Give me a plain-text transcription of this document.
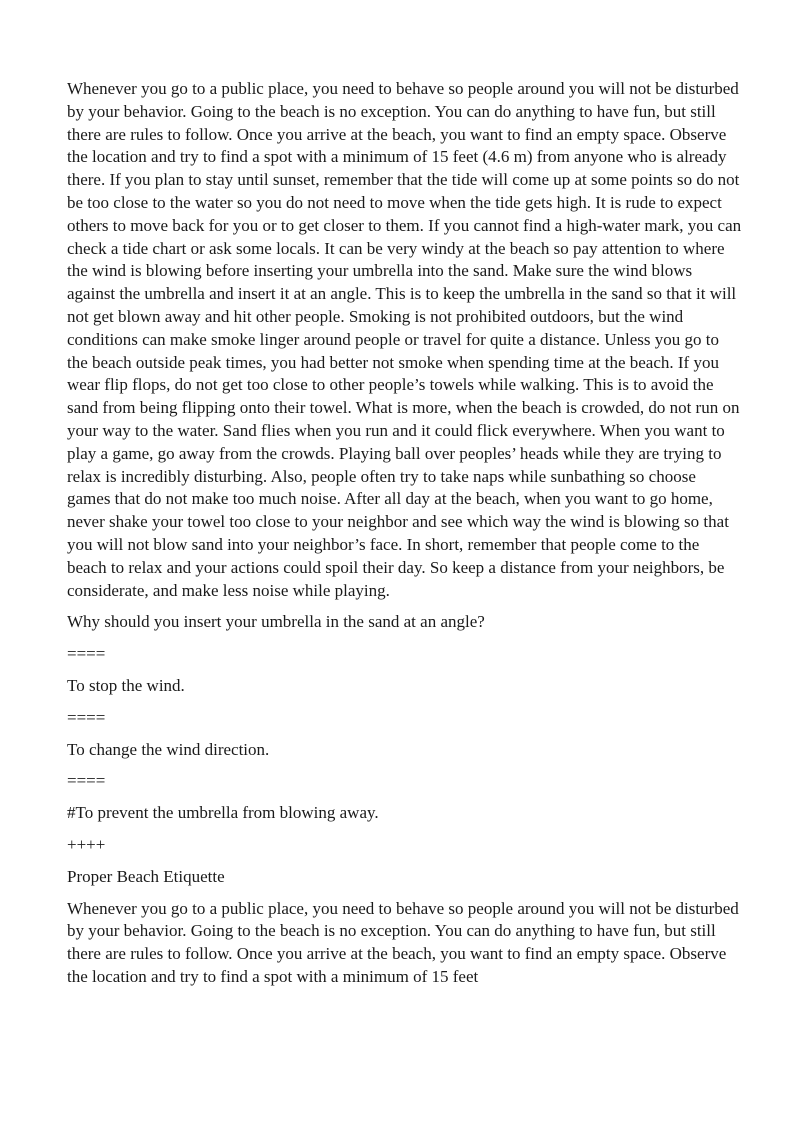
Whenever you go to a public place, you need to behave so people around you will not be disturbed by your behavior. Going to the beach is no exception. You can do anything to have fun, but still there are rules to follow. Once you arrive at the beach, you want to find an empty space. Observe the location and try to find a spot with a minimum of 15 feet (4.6 m) from anyone who is already there. If you plan to stay until sunset, remember that the tide will come up at some points so do not be too close to the water so you do not need to move when the tide gets high. It is rude to expect others to move back for you or to get closer to them. If you cannot find a high-water mark, you can check a tide chart or ask some locals. It can be very windy at the beach so pay attention to where the wind is blowing before inserting your umbrella into the sand. Make sure the wind blows against the umbrella and insert it at an angle. This is to keep the umbrella in the sand so that it will not get blown away and hit other people. Smoking is not prohibited outdoors, but the wind conditions can make smoke linger around people or travel for quite a distance. Unless you go to the beach outside peak times, you had better not smoke when spending time at the beach. If you wear flip flops, do not get too close to other people’s towels while walking. This is to avoid the sand from being flipping onto their towel. What is more, when the beach is crowded, do not run on your way to the water. Sand flies when you run and it could flick everywhere. When you want to play a game, go away from the crowds. Playing ball over peoples’ heads while they are trying to relax is incredibly disturbing. Also, people often try to take naps while sunbathing so choose games that do not make too much noise. After all day at the beach, when you want to go home, never shake your towel too close to your neighbor and see which way the wind is blowing so that you will not blow sand into your neighbor’s face. In short, remember that people come to the beach to relax and your actions could spoil their day. So keep a distance from your neighbors, be considerate, and make less noise while playing.

Why should you insert your umbrella in the sand at an angle?

====

To stop the wind.

====

To change the wind direction.

====

#To prevent the umbrella from blowing away.

++++

Proper Beach Etiquette

Whenever you go to a public place, you need to behave so people around you will not be disturbed by your behavior. Going to the beach is no exception. You can do anything to have fun, but still there are rules to follow. Once you arrive at the beach, you want to find an empty space. Observe the location and try to find a spot with a minimum of 15 feet
